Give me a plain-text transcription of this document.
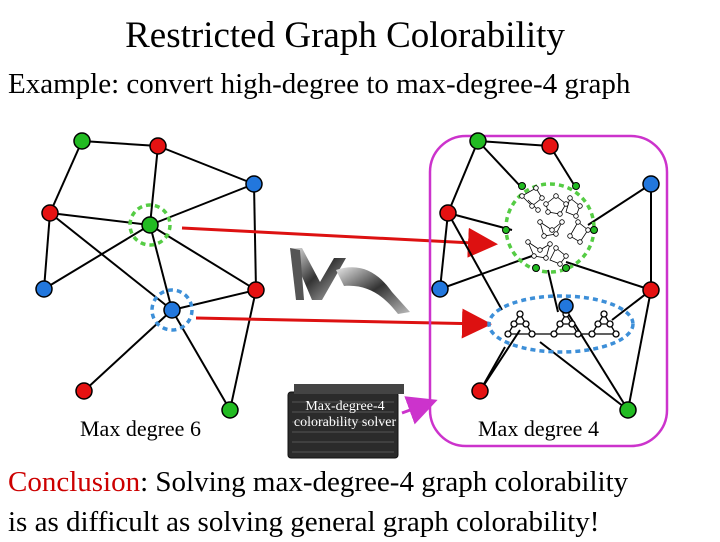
Restricted Graph Colorability
Example: convert high-degree to max-degree-4 graph
Max-degree-4 colorability solver
Max degree 6	Max degree 4
Conclusion: Solving max-degree-4 graph colorability
is as difficult as solving general graph colorability!
